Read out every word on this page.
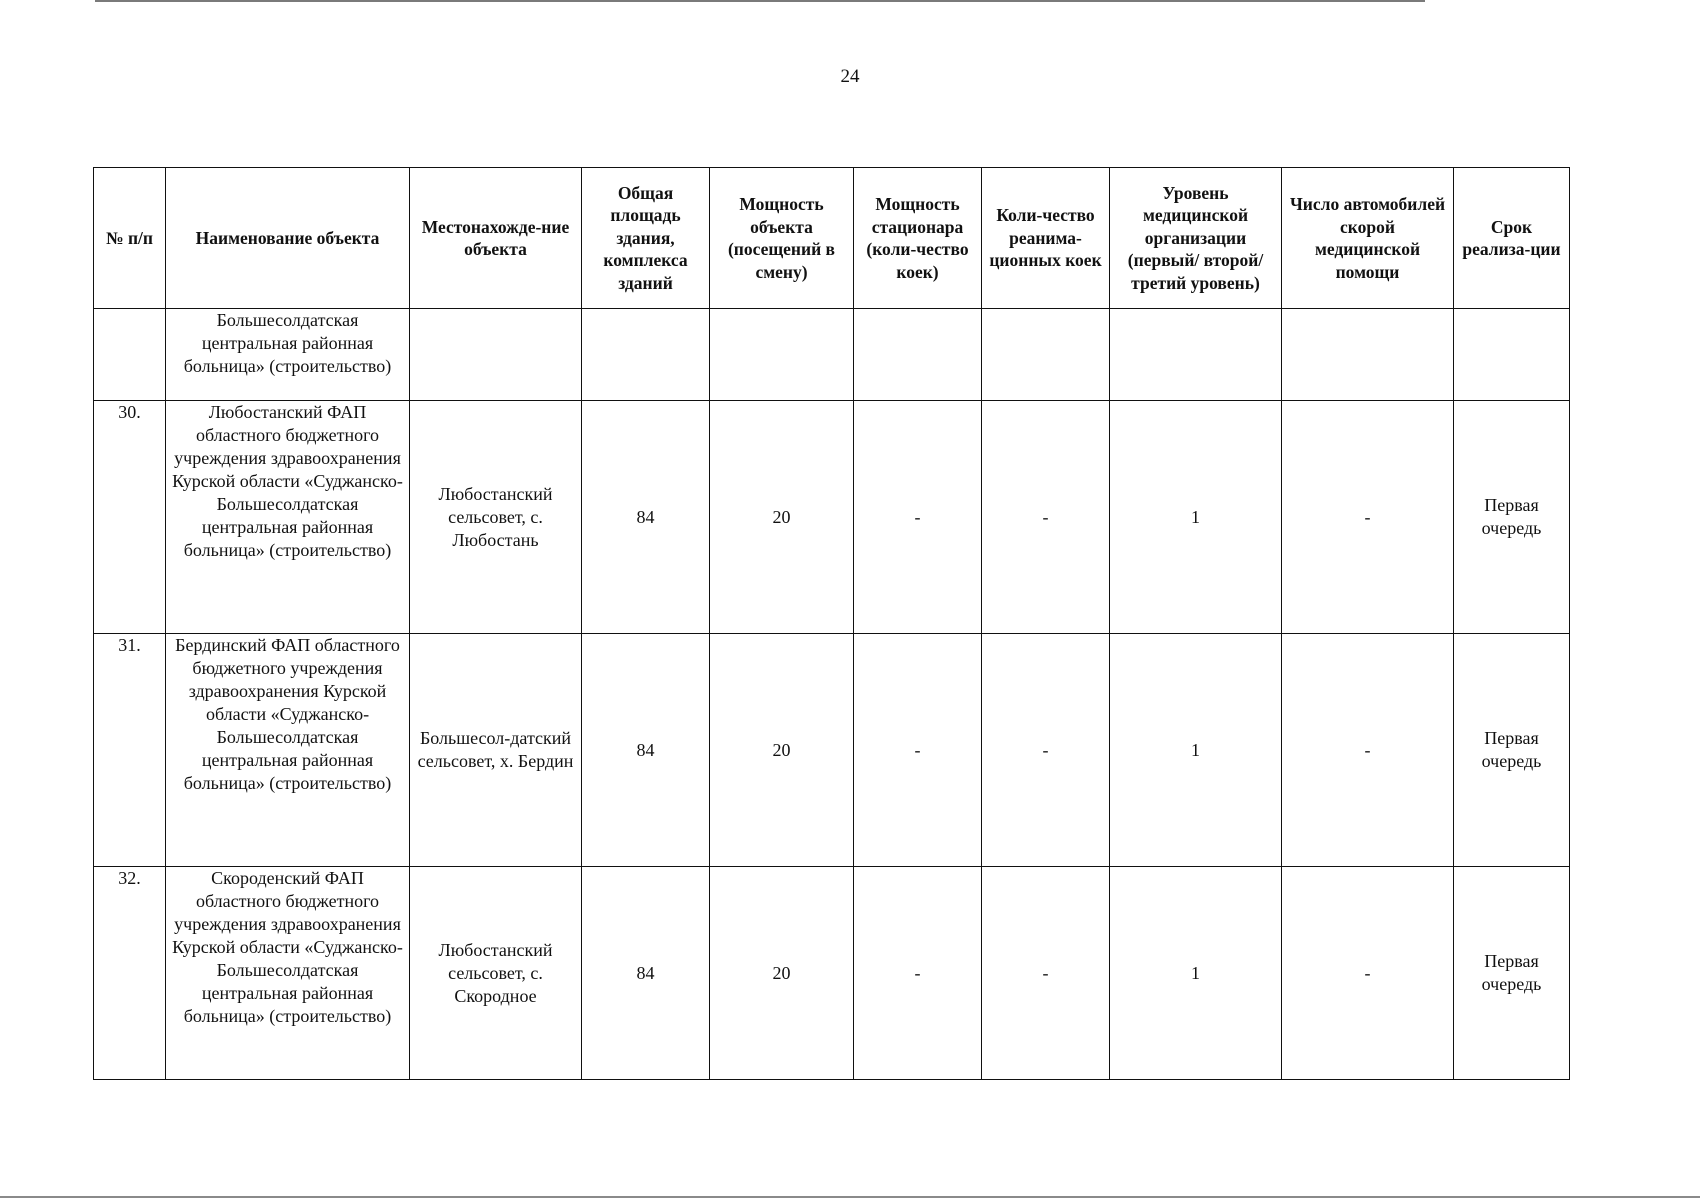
24
№ п/п	Наименование объекта	Местонахожде-ние объекта	Общая площадь здания, комплекса зданий	Мощность объекта (посещений в смену)	Мощность стационара (коли-чество коек)	Коли-чество реанима-ционных коек	Уровень медицинской организации (первый/ второй/ третий уровень)	Число автомобилей скорой медицинской помощи	Срок реализа-ции
	Большесолдатская центральная районная больница» (строительство)								
30.	Любостанский ФАП областного бюджетного учреждения здравоохранения Курской области «Суджанско-Большесолдатская центральная районная больница» (строительство)	Любостанский сельсовет, с. Любостань	84	20	-	-	1	-	Первая очередь
31.	Бердинский ФАП областного бюджетного учреждения здравоохранения Курской области «Суджанско-Большесолдатская центральная районная больница» (строительство)	Большесол-датский сельсовет, х. Бердин	84	20	-	-	1	-	Первая очередь
32.	Скороденский ФАП областного бюджетного учреждения здравоохранения Курской области «Суджанско-Большесолдатская центральная районная больница» (строительство)	Любостанский сельсовет, с. Скородное	84	20	-	-	1	-	Первая очередь
